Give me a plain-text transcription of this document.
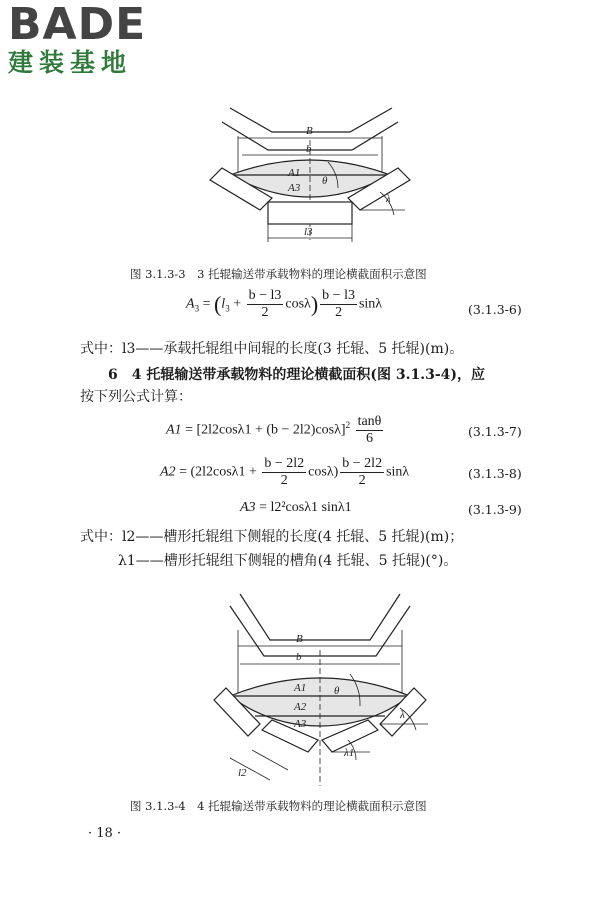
BADE
建装基地
B
b
A1
A3
θ
λ
l3
图 3.1.3-3　3 托辊输送带承载物料的理论横截面积示意图
$A_3 = (l_3 + \frac{b - l3}{2} \cos\lambda) \frac{b - l3}{2}$ sinλ	(3.1.3-6)
式中：l3——承载托辊组中间辊的长度(3 托辊、5 托辊)(m)。
6　4 托辊输送带承载物料的理论横截面积(图 3.1.3-4)，应
按下列公式计算：
$A1 = [2l2\cos\lambda 1 + (b - 2l2)\cos\lambda]^2 \frac{\tan\theta}{6}$	(3.1.3-7)
$A2 = (2l2\cos\lambda 1 + \frac{b - 2l2}{2} \cos\lambda) \frac{b - 2l2}{2}$ sinλ	(3.1.3-8)
A3 = l2²cosλ1 sinλ1	(3.1.3-9)
式中：l2——槽形托辊组下侧辊的长度(4 托辊、5 托辊)(m)；
λ1——槽形托辊组下侧辊的槽角(4 托辊、5 托辊)(°)。
B
b
A1
A2
A3
θ
λ
λ1
l2
图 3.1.3-4　4 托辊输送带承载物料的理论横截面积示意图
· 18 ·
